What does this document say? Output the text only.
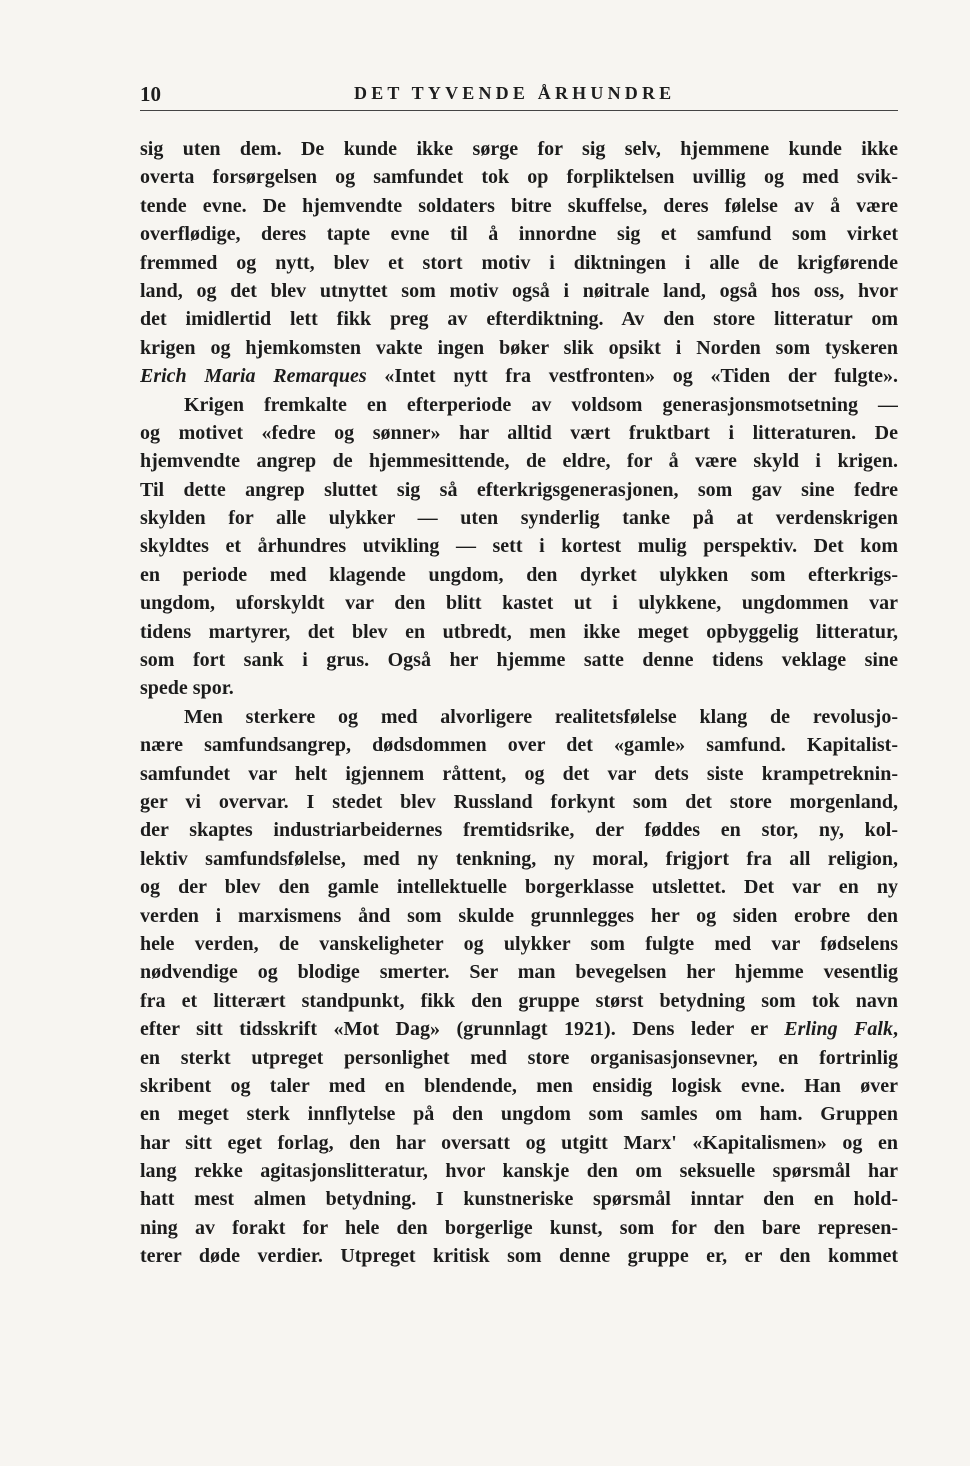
10	DET TYVENDE ÅRHUNDRE
sig uten dem. De kunde ikke sørge for sig selv, hjemmene kunde ikke
overta forsørgelsen og samfundet tok op forpliktelsen uvillig og med svik-
tende evne. De hjemvendte soldaters bitre skuffelse, deres følelse av å være
overflødige, deres tapte evne til å innordne sig et samfund som virket
fremmed og nytt, blev et stort motiv i diktningen i alle de krigførende
land, og det blev utnyttet som motiv også i nøitrale land, også hos oss, hvor
det imidlertid lett fikk preg av efterdiktning. Av den store litteratur om
krigen og hjemkomsten vakte ingen bøker slik opsikt i Norden som tyskeren
Erich Maria Remarques «Intet nytt fra vestfronten» og «Tiden der fulgte».
Krigen fremkalte en efterperiode av voldsom generasjonsmotsetning —
og motivet «fedre og sønner» har alltid vært fruktbart i litteraturen. De
hjemvendte angrep de hjemmesittende, de eldre, for å være skyld i krigen.
Til dette angrep sluttet sig så efterkrigsgenerasjonen, som gav sine fedre
skylden for alle ulykker — uten synderlig tanke på at verdenskrigen
skyldtes et århundres utvikling — sett i kortest mulig perspektiv. Det kom
en periode med klagende ungdom, den dyrket ulykken som efterkrigs-
ungdom, uforskyldt var den blitt kastet ut i ulykkene, ungdommen var
tidens martyrer, det blev en utbredt, men ikke meget opbyggelig litteratur,
som fort sank i grus. Også her hjemme satte denne tidens veklage sine
spede spor.
Men sterkere og med alvorligere realitetsfølelse klang de revolusjo-
nære samfundsangrep, dødsdommen over det «gamle» samfund. Kapitalist-
samfundet var helt igjennem råttent, og det var dets siste krampetreknin-
ger vi overvar. I stedet blev Russland forkynt som det store morgenland,
der skaptes industriarbeidernes fremtidsrike, der føddes en stor, ny, kol-
lektiv samfundsfølelse, med ny tenkning, ny moral, frigjort fra all religion,
og der blev den gamle intellektuelle borgerklasse utslettet. Det var en ny
verden i marxismens ånd som skulde grunnlegges her og siden erobre den
hele verden, de vanskeligheter og ulykker som fulgte med var fødselens
nødvendige og blodige smerter. Ser man bevegelsen her hjemme vesentlig
fra et litterært standpunkt, fikk den gruppe størst betydning som tok navn
efter sitt tidsskrift «Mot Dag» (grunnlagt 1921). Dens leder er Erling Falk,
en sterkt utpreget personlighet med store organisasjonsevner, en fortrinlig
skribent og taler med en blendende, men ensidig logisk evne. Han øver
en meget sterk innflytelse på den ungdom som samles om ham. Gruppen
har sitt eget forlag, den har oversatt og utgitt Marx' «Kapitalismen» og en
lang rekke agitasjonslitteratur, hvor kanskje den om seksuelle spørsmål har
hatt mest almen betydning. I kunstneriske spørsmål inntar den en hold-
ning av forakt for hele den borgerlige kunst, som for den bare represen-
terer døde verdier. Utpreget kritisk som denne gruppe er, er den kommet
